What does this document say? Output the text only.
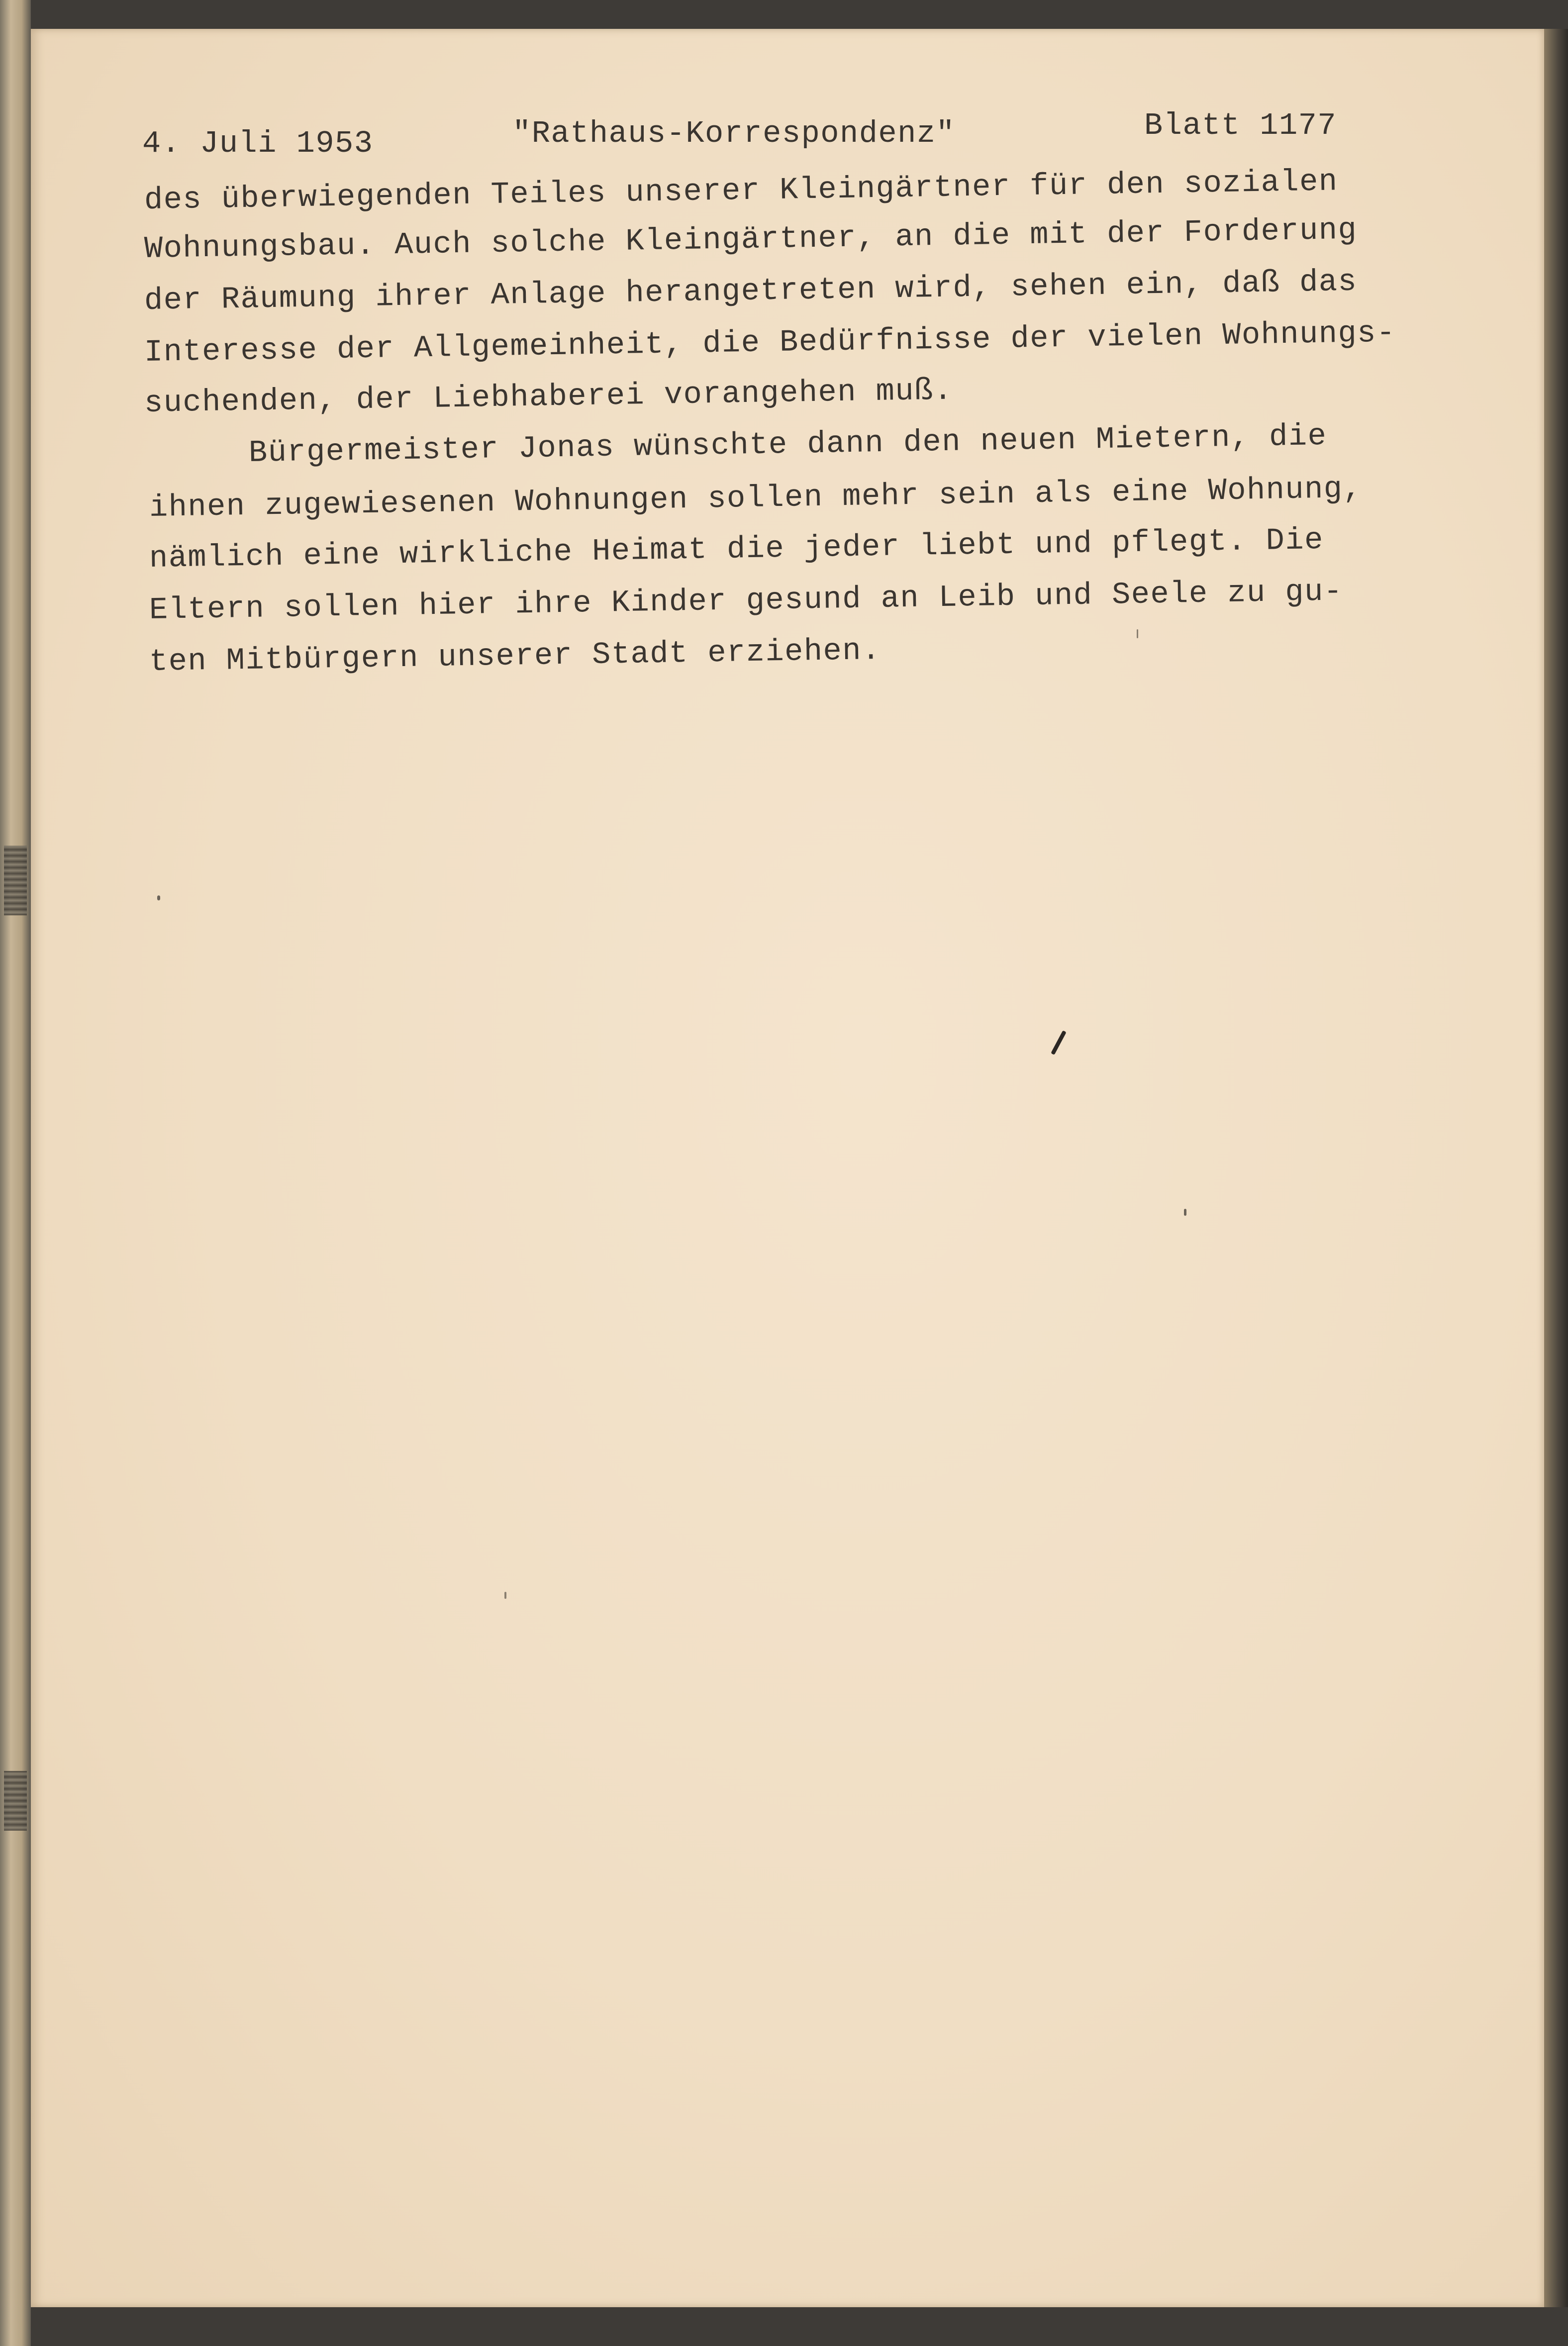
4. Juli 1953	"Rathaus-Korrespondenz"	Blatt 1177
des überwiegenden Teiles unserer Kleingärtner für den sozialen
Wohnungsbau. Auch solche Kleingärtner, an die mit der Forderung
der Räumung ihrer Anlage herangetreten wird, sehen ein, daß das
Interesse der Allgemeinheit, die Bedürfnisse der vielen Wohnungs-
suchenden, der Liebhaberei vorangehen muß.
Bürgermeister Jonas wünschte dann den neuen Mietern, die
ihnen zugewiesenen Wohnungen sollen mehr sein als eine Wohnung,
nämlich eine wirkliche Heimat die jeder liebt und pflegt. Die
Eltern sollen hier ihre Kinder gesund an Leib und Seele zu gu-
ten Mitbürgern unserer Stadt erziehen.
